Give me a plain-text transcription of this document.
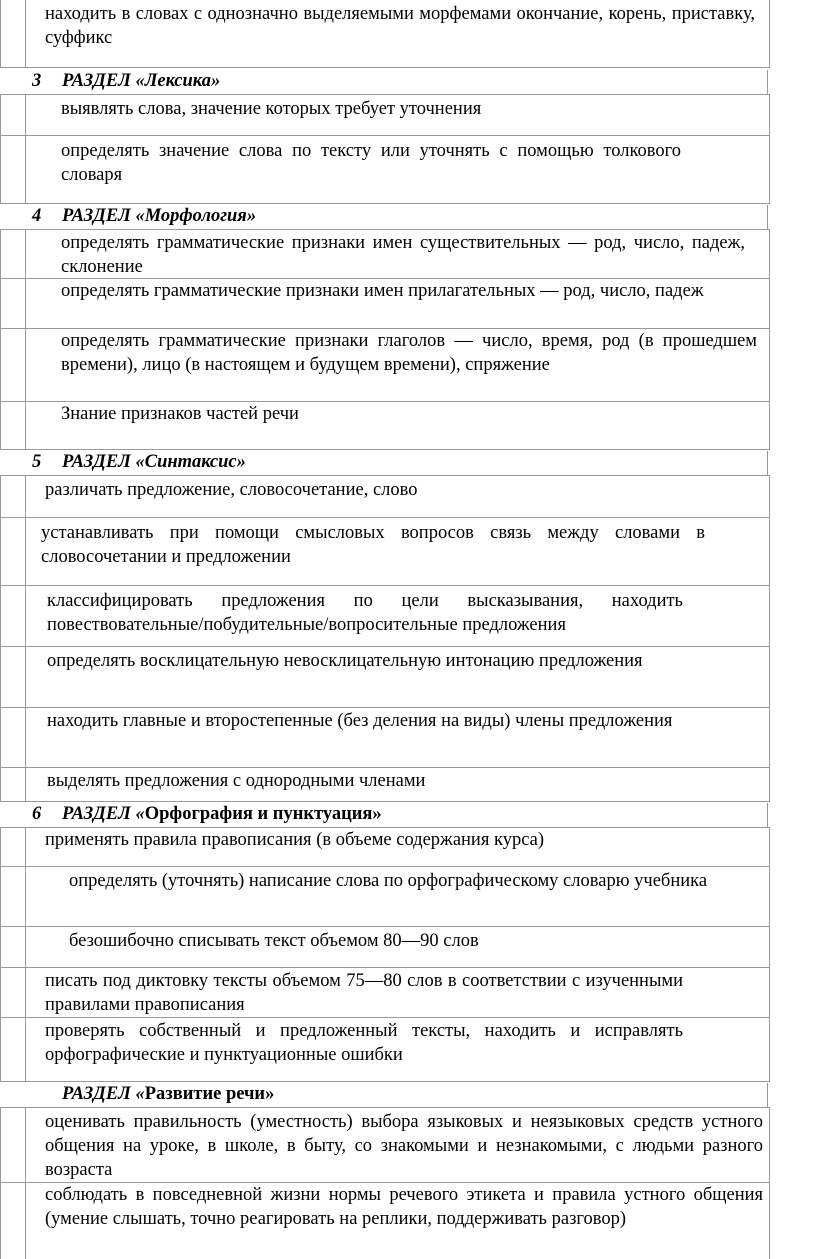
находить в словах с однозначно выделяемыми морфемами окончание, корень, приставку, суффикс
3 РАЗДЕЛ «Лексика»
выявлять слова, значение которых требует уточнения
определять значение слова по тексту или уточнять с помощью толкового словаря
4 РАЗДЕЛ «Морфология»
определять грамматические признаки имен существительных — род, число, падеж, склонение
определять грамматические признаки имен прилагательных — род, число, падеж
определять грамматические признаки глаголов — число, время, род (в прошедшем времени), лицо (в настоящем и будущем времени), спряжение
Знание признаков частей речи
5 РАЗДЕЛ «Синтаксис»
различать предложение, словосочетание, слово
устанавливать при помощи смысловых вопросов связь между словами в словосочетании и предложении
классифицировать предложения по цели высказывания, находить повествовательные/побудительные/вопросительные предложения
определять восклицательную невосклицательную интонацию предложения
находить главные и второстепенные (без деления на виды) члены предложения
выделять предложения с однородными членами
6 РАЗДЕЛ «Орфография и пунктуация»
применять правила правописания (в объеме содержания курса)
определять (уточнять) написание слова по орфографическому словарю учебника
безошибочно списывать текст объемом 80—90 слов
писать под диктовку тексты объемом 75—80 слов в соответствии с изученными правилами правописания
проверять собственный и предложенный тексты, находить и исправлять орфографические и пунктуационные ошибки
РАЗДЕЛ «Развитие речи»
оценивать правильность (уместность) выбора языковых и неязыковых средств устного общения на уроке, в школе, в быту, со знакомыми и незнакомыми, с людьми разного возраста
соблюдать в повседневной жизни нормы речевого этикета и правила устного общения (умение слышать, точно реагировать на реплики, поддерживать разговор)
